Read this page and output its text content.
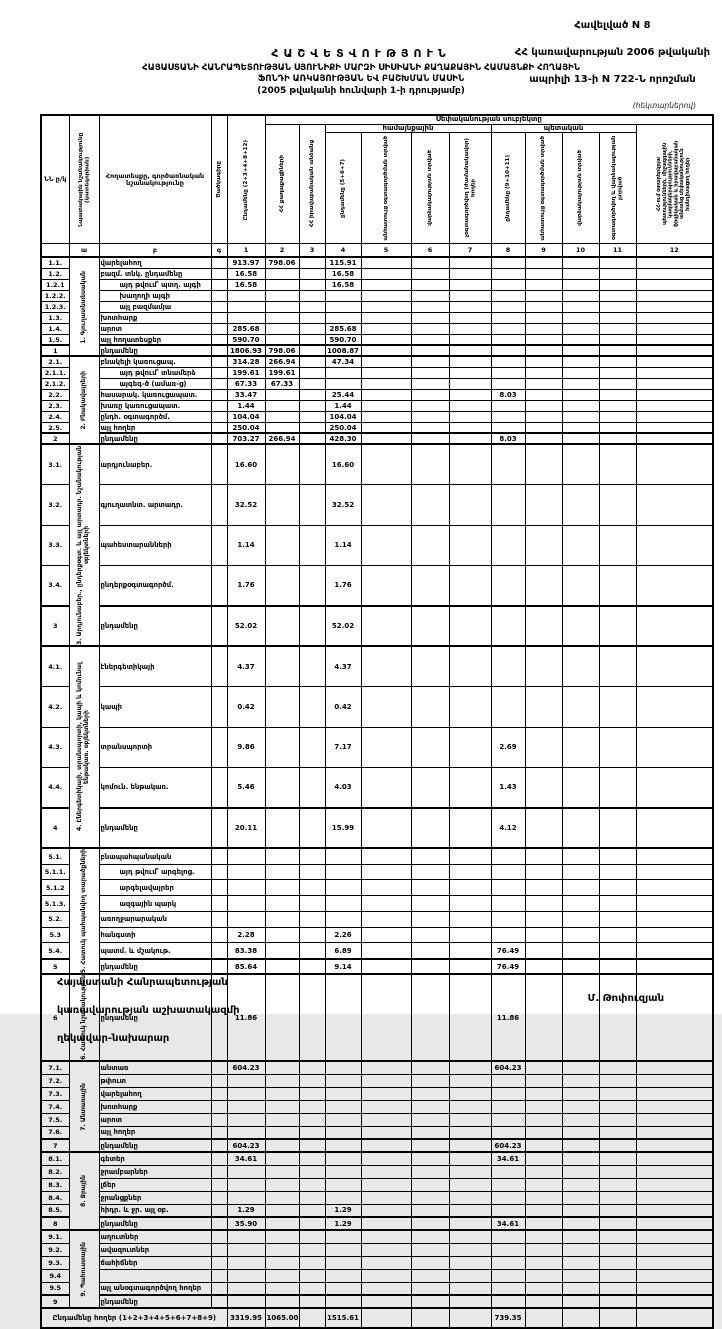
Հավելված N 8

ՀՀ կառավարության 2006 թվականի

ապրիլի 13-ի N 722-Ն որոշման

ՀԱՇՎԵՏՎՈՒԹՅՈՒՆ
ՀԱՅԱՍՏԱՆԻ ՀԱՆՐԱՊԵՏՈՒԹՅԱՆ ՍՅՈՒՆԻՔԻ ՄԱՐԶԻ ՍԻՍԻԱՆԻ ՔԱՂԱՔԱՅԻՆ ՀԱՄԱՅՆՔԻ ՀՈՂԱՅԻՆ
ՖՈՆԴԻ ԱՌԿԱՅՈՒԹՅԱՆ ԵՎ ԲԱՇԽՄԱՆ ՄԱՍԻՆ
(2005 թվականի հունվարի 1-ի դրությամբ)
(հեկտարներով)
ՆՆ ը/կ	Նպատակային նշանակությունը (կատեգորիան)	Հողատեսքը, գործառնական նշանակությունը	Ծածկագիրը	Ընդամենը (2+3+4+8+12)	Սեփականության սուբյեկտը										

					ՀՀ քաղաքացիների	ՀՀ իրավաբանական անձանց	համայնքային				պետական				ՀՀ-ում օտարերկրյա պետությունների, միջազգային կազմակերպությունների, ֆիզիկական և իրավաբանական անձանց սեփականություն հանդիսացող հողեր

							ընդամենը (5+6+7)	անհատույց օգտագործման տրված	վարձակալության տրված	չօգտագործվող (ժամանակավոր) հողեր	ընդամենը (9+10+11)	անհատույց օգտագործման տրված	վարձակալության տրված	օգտագործվող և վարձակալության չտրված	

	ա	բ	գ	1	2	3	4	5	6	7	8	9	10	11	12
1.1.	1. Գյուղատնտեսական	վարելահող		913.97	798.06		115.91								
1.2.		բազմ. տնկ. ընդամենը		16.58			16.58								
1.2.1		այդ թվում՝ պտղ. այգի		16.58			16.58								
1.2.2.		խաղողի այգի													
1.2.3.		այլ բազմամյա													
1.3.		խոտհարք													
1.4.		արոտ		285.68			285.68								
1.5.		այլ հողատեսքեր		590.70			590.70								
1		ընդամենը		1806.93	798.06		1008.87								
2.1.	2. Բնակավայրերի	բնակելի կառուցապ.		314.28	266.94		47.34								
2.1.1.		այդ թվում՝ տնամերձ		199.61	199.61										
2.1.2.		այգեգ-ծ (ամառ-ց)		67.33	67.33										
2.2.		հասարակ. կառուցապատ.		33.47			25.44				8.03				
2.3.		խառը կառուցապատ.		1.44			1.44								
2.4.		ընդհ. օգտագործմ.		104.04			104.04								
2.5.		այլ հողեր		250.04			250.04								
2		ընդամենը		703.27	266.94		428.30				8.03				
3.1.	3. Արդյունաբեր., ընդերքօգտ. և այլ արտադր. նշանակության օբյեկտների	արդյունաբեր.		16.60			16.60								
3.2.		գյուղատնտ. արտադր.		32.52			32.52								
3.3.		պահեստարանների		1.14			1.14								
3.4.		ընդերքօգտագործմ.		1.76			1.76								
3		ընդամենը		52.02			52.02								
4.1.	4. Էներգետիկայի, տրանսպորտի, կապի և կոմունալ ենթակառ. օբյեկտների	էներգետիկայի		4.37			4.37								
4.2.		կապի		0.42			0.42								
4.3.		տրանսպորտի		9.86			7.17				2.69				
4.4.		կոմուն. ենթակառ.		5.46			4.03				1.43				
4		ընդամենը		20.11			15.99				4.12				
5.1.	5. Հատուկ պահպանվող տարածքների	բնապահպանական													
5.1.1.		այդ թվում՝ արգելոց.													
5.1.2		արգելավայրեր													
5.1.3.		ազգային պարկ													
5.2.		առողջարարական													
5.3		հանգստի		2.28			2.26								
5.4.		պատմ. և մշակութ.		83.38			6.89				76.49				
5		ընդամենը		85.64			9.14				76.49				
6	6. Հատուկ նշանակության	ընդամենը		11.86							11.86				
7.1.	7. Անտառային	անտառ		604.23							604.23				
7.2.		թփուտ													
7.3.		վարելահող													
7.4.		խոտհարք													
7.5.		արոտ													
7.6.		այլ հողեր													
7		ընդամենը		604.23							604.23				
8.1.	8. Ջրային	գետեր		34.61							34.61				
8.2.		ջրամբարներ													
8.3.		լճեր													
8.4.		ջրանցքներ													
8.5.		հիդր. և ջր. այլ օբ.		1.29			1.29								
8		ընդամենը		35.90			1.29				34.61				
9.1.	9. Պահուստային	աղուտներ													
9.2.		ավազուտներ													
9.3.		ճահիճներ													
9.4															
9.5		այլ անօգտագործվող հողեր													
9		ընդամենը													
Ընդամենը հողեր (1+2+3+4+5+6+7+8+9)				3319.95	1065.00		1515.61				739.35				

Հայաստանի Հանրապետության

կառավարության աշխատակազմի

ղեկավար-նախարար

Մ. Թոփուզյան
